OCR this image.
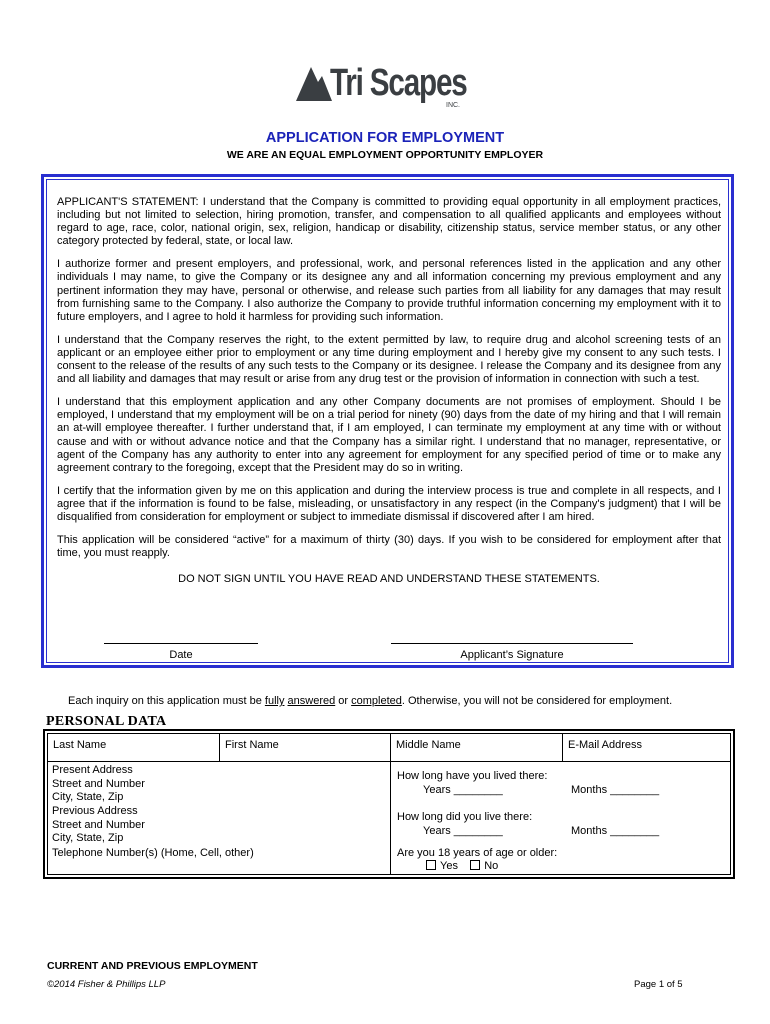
Tri Scapes
INC.
APPLICATION FOR EMPLOYMENT
WE ARE AN EQUAL EMPLOYMENT OPPORTUNITY EMPLOYER

APPLICANT'S STATEMENT: I understand that the Company is committed to providing equal opportunity in all employment practices, including but not limited to selection, hiring promotion, transfer, and compensation to all qualified applicants and employees without regard to age, race, color, national origin, sex, religion, handicap or disability, citizenship status, service member status, or any other category protected by federal, state, or local law.

I authorize former and present employers, and professional, work, and personal references listed in the application and any other individuals I may name, to give the Company or its designee any and all information concerning my previous employment and any pertinent information they may have, personal or otherwise, and release such parties from all liability for any damages that may result from furnishing same to the Company. I also authorize the Company to provide truthful information concerning my employment with it to future employers, and I agree to hold it harmless for providing such information.

I understand that the Company reserves the right, to the extent permitted by law, to require drug and alcohol screening tests of an applicant or an employee either prior to employment or any time during employment and I hereby give my consent to any such tests. I consent to the release of the results of any such tests to the Company or its designee. I release the Company and its designee from any and all liability and damages that may result or arise from any drug test or the provision of information in connection with such a test.

I understand that this employment application and any other Company documents are not promises of employment. Should I be employed, I understand that my employment will be on a trial period for ninety (90) days from the date of my hiring and that I will remain an at-will employee thereafter. I further understand that, if I am employed, I can terminate my employment at any time with or without cause and with or without advance notice and that the Company has a similar right. I understand that no manager, representative, or agent of the Company has any authority to enter into any agreement for employment for any specified period of time or to make any agreement contrary to the foregoing, except that the President may do so in writing.

I certify that the information given by me on this application and during the interview process is true and complete in all respects, and I agree that if the information is found to be false, misleading, or unsatisfactory in any respect (in the Company's judgment) that I will be disqualified from consideration for employment or subject to immediate dismissal if discovered after I am hired.

This application will be considered “active” for a maximum of thirty (30) days. If you wish to be considered for employment after that time, you must reapply.

DO NOT SIGN UNTIL YOU HAVE READ AND UNDERSTAND THESE STATEMENTS.

Date	Applicant’s Signature
Each inquiry on this application must be fully answered or completed. Otherwise, you will not be considered for employment.
PERSONAL DATA
Last Name	First Name	Middle Name	E-Mail Address
Present Address
Street and Number
City, State, Zip
Previous Address
Street and Number
City, State, Zip
Telephone Number(s) (Home, Cell, other)
How long have you lived there:
Years ________	Months ________
How long did you live there:
Years ________	Months ________
Are you 18 years of age or older:
Yes No
CURRENT AND PREVIOUS EMPLOYMENT
©2014 Fisher & Phillips LLP	Page 1 of 5
